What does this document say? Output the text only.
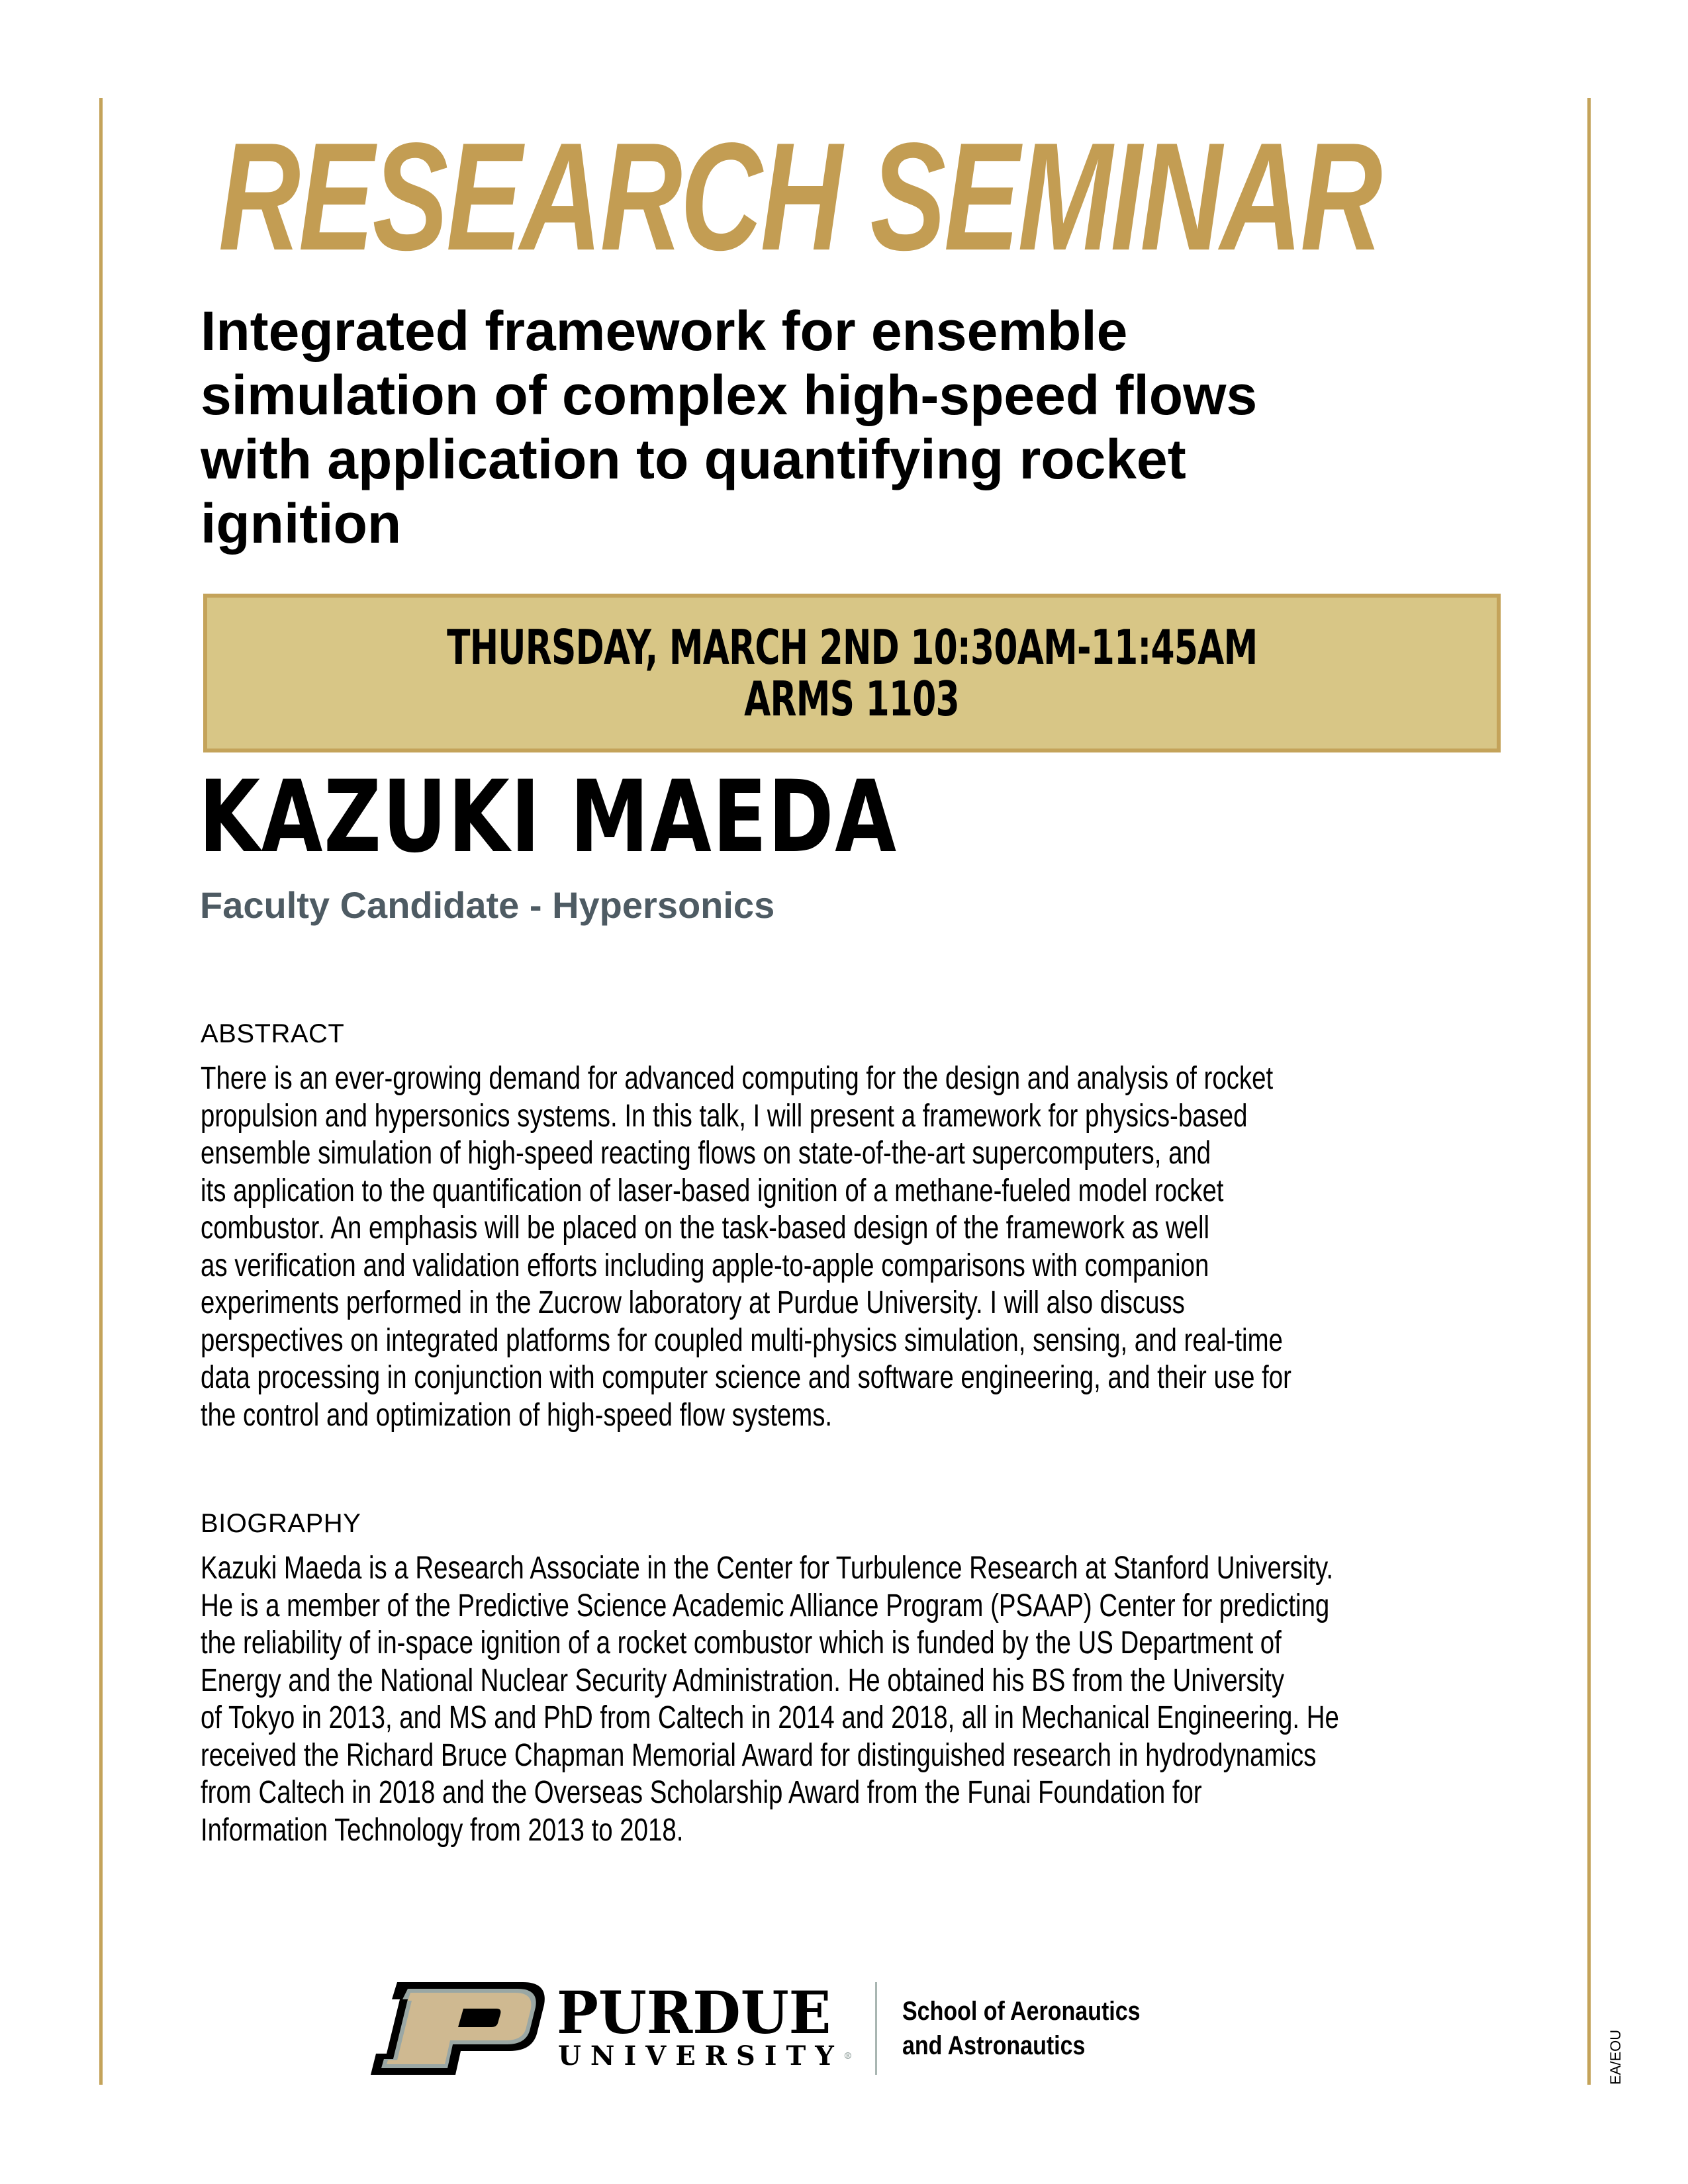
RESEARCH SEMINAR
Integrated framework for ensemble
simulation of complex high-speed flows
with application to quantifying rocket
ignition
THURSDAY, MARCH 2ND 10:30AM-11:45AM
ARMS 1103
KAZUKI MAEDA
Faculty Candidate - Hypersonics
ABSTRACT
There is an ever-growing demand for advanced computing for the design and analysis of rocket
propulsion and hypersonics systems. In this talk, I will present a framework for physics-based
ensemble simulation of high-speed reacting flows on state-of-the-art supercomputers, and
its application to the quantification of laser-based ignition of a methane-fueled model rocket
combustor. An emphasis will be placed on the task-based design of the framework as well
as verification and validation efforts including apple-to-apple comparisons with companion
experiments performed in the Zucrow laboratory at Purdue University. I will also discuss
perspectives on integrated platforms for coupled multi-physics simulation, sensing, and real-time
data processing in conjunction with computer science and software engineering, and their use for
the control and optimization of high-speed flow systems.
BIOGRAPHY
Kazuki Maeda is a Research Associate in the Center for Turbulence Research at Stanford University.
He is a member of the Predictive Science Academic Alliance Program (PSAAP) Center for predicting
the reliability of in-space ignition of a rocket combustor which is funded by the US Department of
Energy and the National Nuclear Security Administration. He obtained his BS from the University
of Tokyo in 2013, and MS and PhD from Caltech in 2014 and 2018, all in Mechanical Engineering. He
received the Richard Bruce Chapman Memorial Award for distinguished research in hydrodynamics
from Caltech in 2018 and the Overseas Scholarship Award from the Funai Foundation for
Information Technology from 2013 to 2018.
PURDUE
UNIVERSITY®
School of Aeronautics
and Astronautics	EA/EOU
